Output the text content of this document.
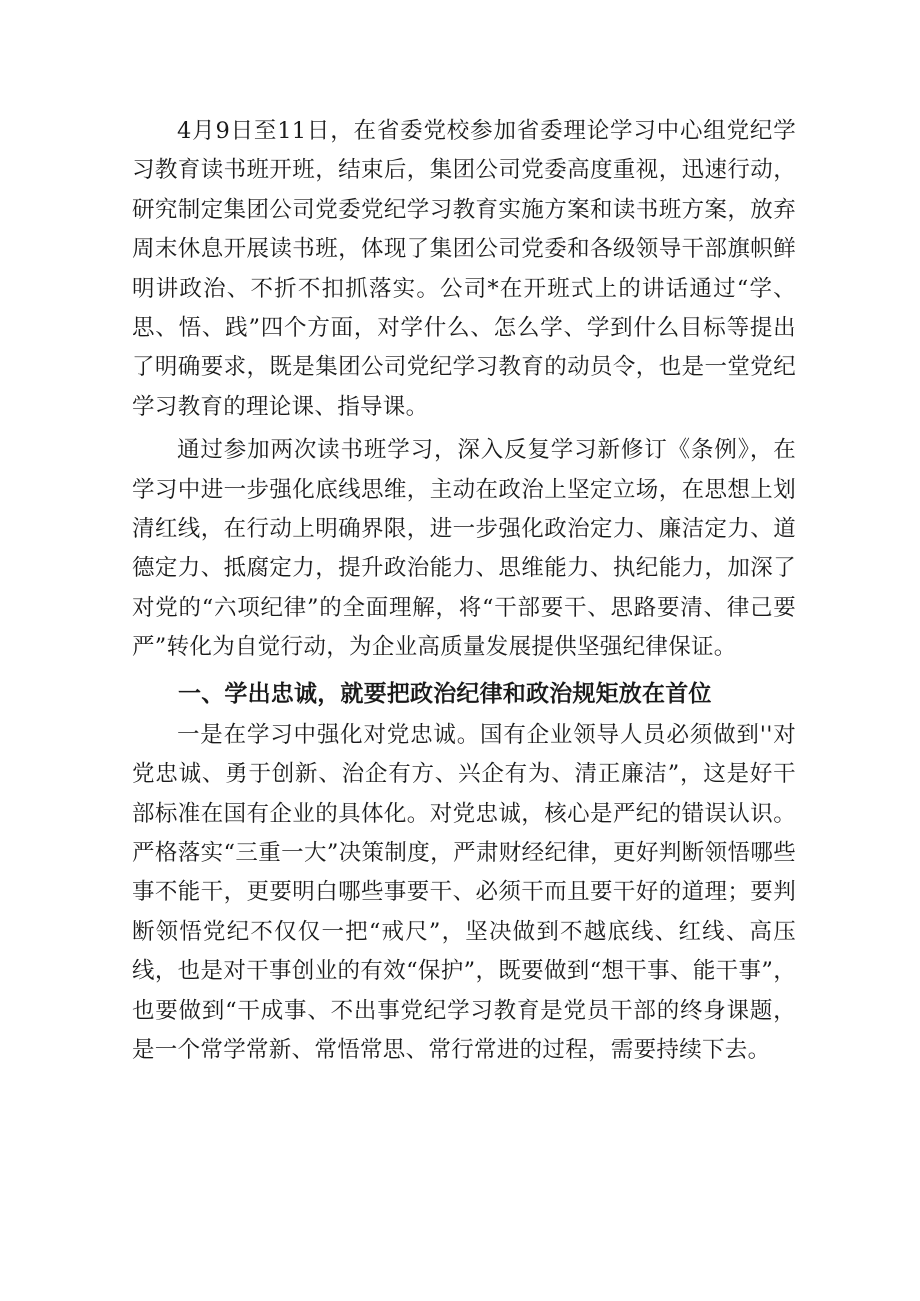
4月9日至11日，在省委党校参加省委理论学习中心组党纪学习教育读书班开班，结束后，集团公司党委高度重视，迅速行动，研究制定集团公司党委党纪学习教育实施方案和读书班方案，放弃周末休息开展读书班，体现了集团公司党委和各级领导干部旗帜鲜明讲政治、不折不扣抓落实。公司*在开班式上的讲话通过“学、思、悟、践”四个方面，对学什么、怎么学、学到什么目标等提出了明确要求，既是集团公司党纪学习教育的动员令，也是一堂党纪学习教育的理论课、指导课。

通过参加两次读书班学习，深入反复学习新修订《条例》，在学习中进一步强化底线思维，主动在政治上坚定立场，在思想上划清红线，在行动上明确界限，进一步强化政治定力、廉洁定力、道德定力、抵腐定力，提升政治能力、思维能力、执纪能力，加深了对党的“六项纪律”的全面理解，将“干部要干、思路要清、律己要严”转化为自觉行动，为企业高质量发展提供坚强纪律保证。

一、学出忠诚，就要把政治纪律和政治规矩放在首位

一是在学习中强化对党忠诚。国有企业领导人员必须做到''对党忠诚、勇于创新、治企有方、兴企有为、清正廉洁”，这是好干部标准在国有企业的具体化。对党忠诚，核心是严纪的错误认识。严格落实“三重一大”决策制度，严肃财经纪律，更好判断领悟哪些事不能干，更要明白哪些事要干、必须干而且要干好的道理；要判断领悟党纪不仅仅一把“戒尺”，坚决做到不越底线、红线、高压线，也是对干事创业的有效“保护”，既要做到“想干事、能干事”，也要做到“干成事、不出事党纪学习教育是党员干部的终身课题，是一个常学常新、常悟常思、常行常进的过程，需要持续下去。
